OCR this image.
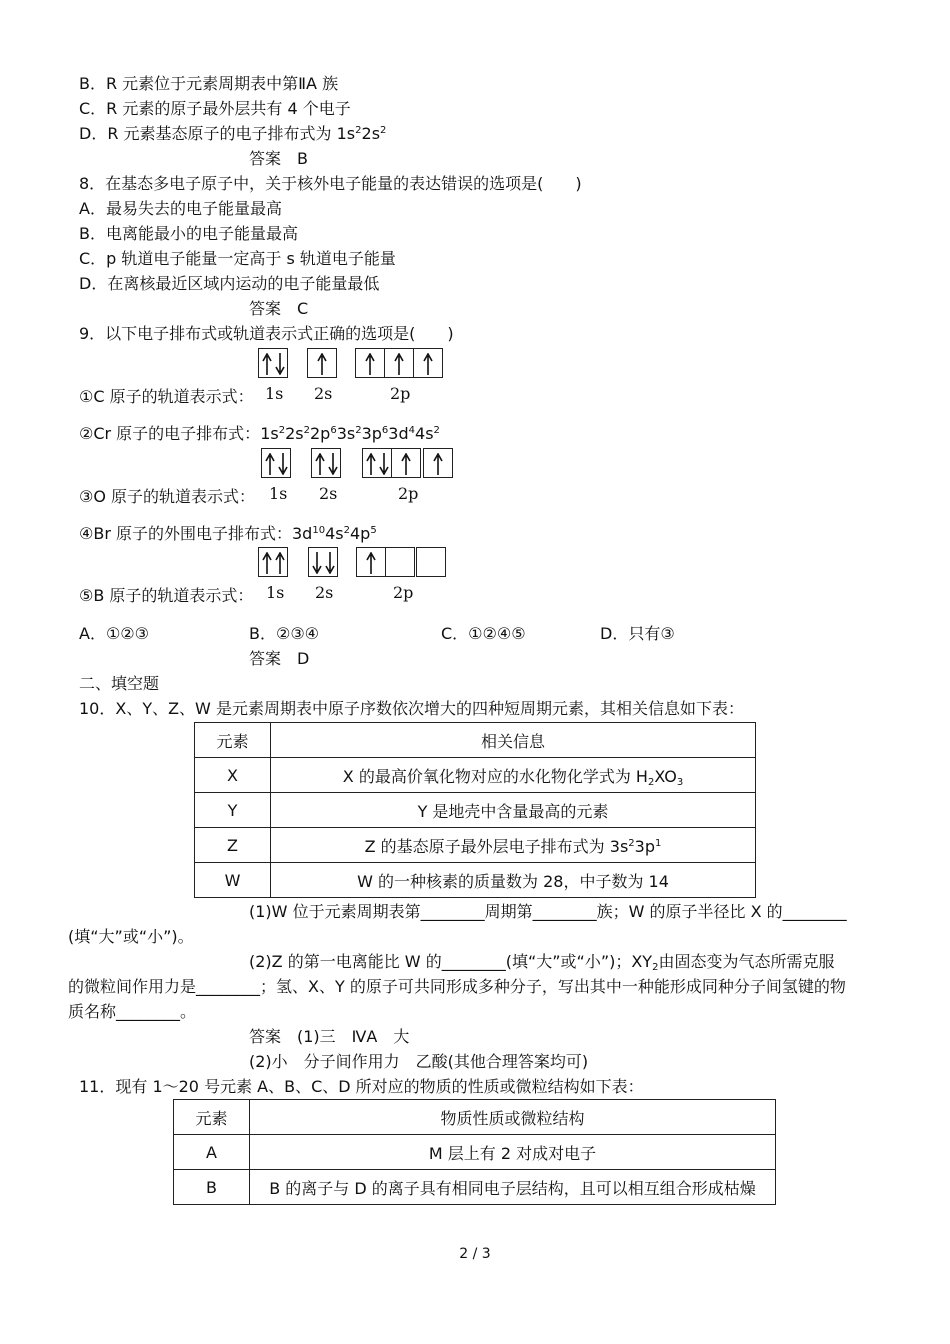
B．R 元素位于元素周期表中第ⅡA 族
C．R 元素的原子最外层共有 4 个电子
D．R 元素基态原子的电子排布式为 $1s^22s^2$
答案　B
8．在基态多电子原子中，关于核外电子能量的表达错误的选项是(　　)
A．最易失去的电子能量最高
B．电离能最小的电子能量最高
C．p 轨道电子能量一定高于 s 轨道电子能量
D．在离核最近区域内运动的电子能量最低
答案　C
9．以下电子排布式或轨道表示式正确的选项是(　　)
1s 2s	2p
①C 原子的轨道表示式：
②Cr 原子的电子排布式：$1s^22s^22p^63s^23p^63d^44s^2$
1s 2s	2p
③O 原子的轨道表示式：
④Br 原子的外围电子排布式：$3d^{10}4s^24p^5$
1s 2s	2p
⑤B 原子的轨道表示式：
A．①②③	B．②③④	C．①②④⑤	D．只有③
答案　D
二、填空题
10．X、Y、Z、W 是元素周期表中原子序数依次增大的四种短周期元素，其相关信息如下表：
元素	相关信息
X	X 的最高价氧化物对应的水化物化学式为 $H_2XO_3$
Y	Y 是地壳中含量最高的元素
Z	Z 的基态原子最外层电子排布式为 $3s^23p^1$
W	W 的一种核素的质量数为 28，中子数为 14
(1)W 位于元素周期表第________周期第________族；W 的原子半径比 X 的________
(填“大”或“小”)。
(2)Z 的第一电离能比 W 的________(填“大”或“小”)；$XY_2$由固态变为气态所需克服
的微粒间作用力是________；氢、X、Y 的原子可共同形成多种分子，写出其中一种能形成同种分子间氢键的物
质名称________。
答案　(1)三　ⅣA　大
(2)小　分子间作用力　乙酸(其他合理答案均可)
11．现有 1～20 号元素 A、B、C、D 所对应的物质的性质或微粒结构如下表：
元素	物质性质或微粒结构
A	M 层上有 2 对成对电子
B	B 的离子与 D 的离子具有相同电子层结构，且可以相互组合形成枯燥
2 / 3
